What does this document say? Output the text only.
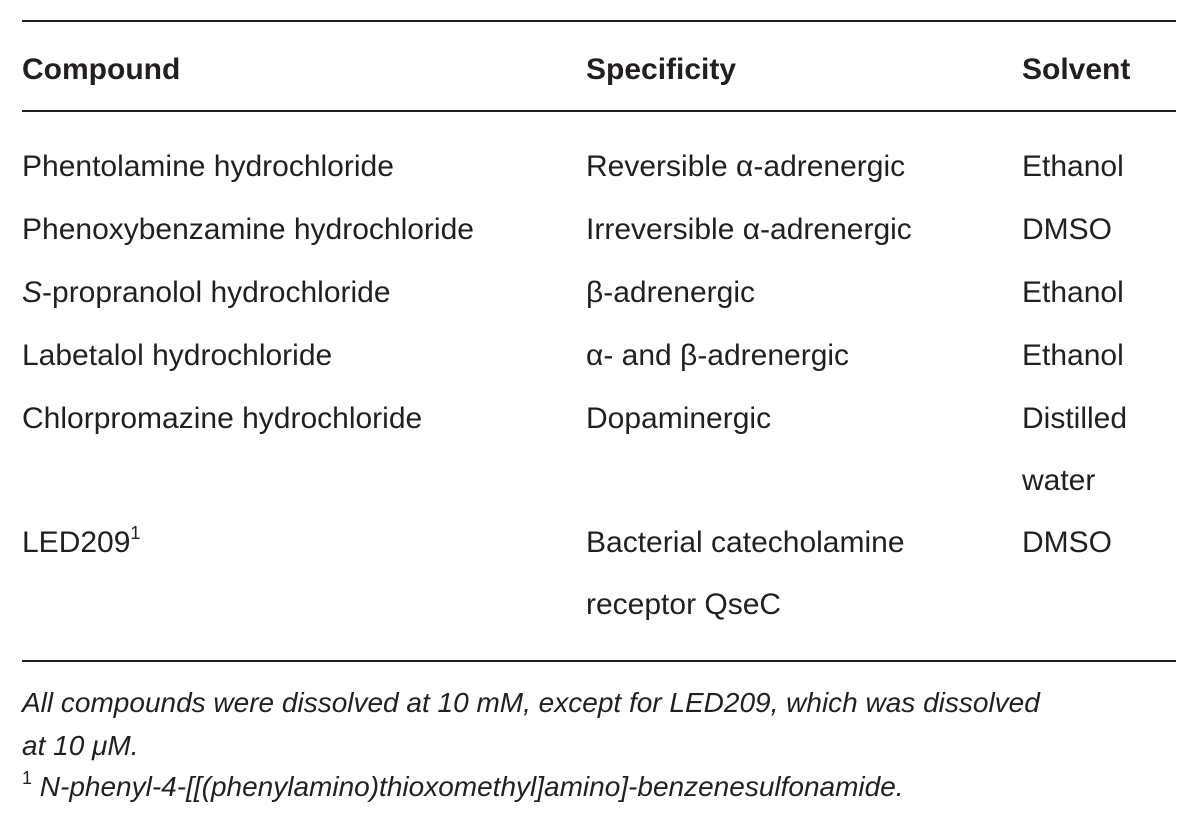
Compound	Specificity	Solvent
Phentolamine hydrochloride	Reversible α-adrenergic	Ethanol
Phenoxybenzamine hydrochloride	Irreversible α-adrenergic	DMSO
S-propranolol hydrochloride	β-adrenergic	Ethanol
Labetalol hydrochloride	α- and β-adrenergic	Ethanol
Chlorpromazine hydrochloride	Dopaminergic	Distilled
water
LED209$^1$	Bacterial catecholamine	DMSO
receptor QseC
All compounds were dissolved at 10 mM, except for LED209, which was dissolved
at 10 μM.
$^1$ N-phenyl-4-[[(phenylamino)thioxomethyl]amino]-benzenesulfonamide.
